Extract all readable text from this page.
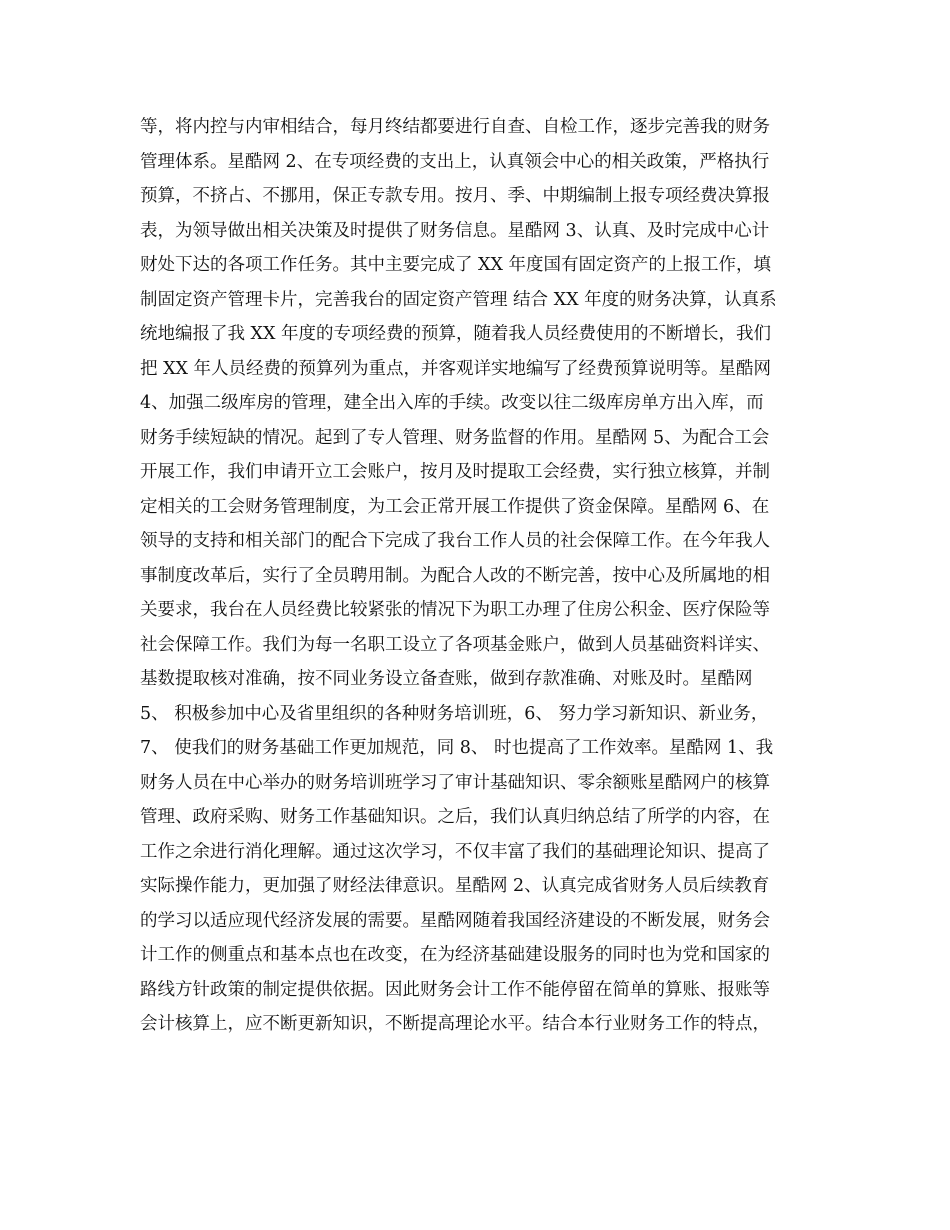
等，将内控与内审相结合，每月终结都要进行自查、自检工作，逐步完善我的财务
管理体系。星酷网 2、在专项经费的支出上，认真领会中心的相关政策，严格执行
预算，不挤占、不挪用，保正专款专用。按月、季、中期编制上报专项经费决算报
表，为领导做出相关决策及时提供了财务信息。星酷网 3、认真、及时完成中心计
财处下达的各项工作任务。其中主要完成了 XX 年度国有固定资产的上报工作，填
制固定资产管理卡片，完善我台的固定资产管理 结合 XX 年度的财务决算，认真系
统地编报了我 XX 年度的专项经费的预算，随着我人员经费使用的不断增长，我们
把 XX 年人员经费的预算列为重点，并客观详实地编写了经费预算说明等。星酷网
4、加强二级库房的管理，建全出入库的手续。改变以往二级库房单方出入库，而
财务手续短缺的情况。起到了专人管理、财务监督的作用。星酷网 5、为配合工会
开展工作，我们申请开立工会账户，按月及时提取工会经费，实行独立核算，并制
定相关的工会财务管理制度，为工会正常开展工作提供了资金保障。星酷网 6、在
领导的支持和相关部门的配合下完成了我台工作人员的社会保障工作。在今年我人
事制度改革后，实行了全员聘用制。为配合人改的不断完善，按中心及所属地的相
关要求，我台在人员经费比较紧张的情况下为职工办理了住房公积金、医疗保险等
社会保障工作。我们为每一名职工设立了各项基金账户，做到人员基础资料详实、
基数提取核对准确，按不同业务设立备查账，做到存款准确、对账及时。星酷网
5、 积极参加中心及省里组织的各种财务培训班，6、 努力学习新知识、新业务，
7、 使我们的财务基础工作更加规范，同 8、 时也提高了工作效率。星酷网 1、我
财务人员在中心举办的财务培训班学习了审计基础知识、零余额账星酷网户的核算
管理、政府采购、财务工作基础知识。之后，我们认真归纳总结了所学的内容，在
工作之余进行消化理解。通过这次学习，不仅丰富了我们的基础理论知识、提高了
实际操作能力，更加强了财经法律意识。星酷网 2、认真完成省财务人员后续教育
的学习以适应现代经济发展的需要。星酷网随着我国经济建设的不断发展，财务会
计工作的侧重点和基本点也在改变，在为经济基础建设服务的同时也为党和国家的
路线方针政策的制定提供依据。因此财务会计工作不能停留在简单的算账、报账等
会计核算上，应不断更新知识，不断提高理论水平。结合本行业财务工作的特点，
